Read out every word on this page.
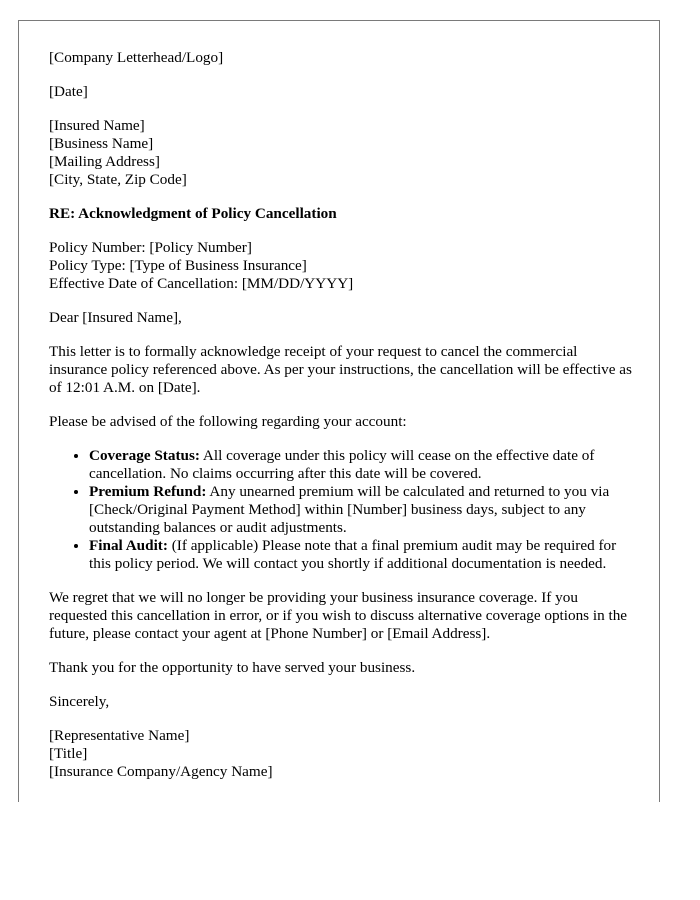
[Company Letterhead/Logo]

[Date]

[Insured Name]
[Business Name]
[Mailing Address]
[City, State, Zip Code]

RE: Acknowledgment of Policy Cancellation

Policy Number: [Policy Number]
Policy Type: [Type of Business Insurance]
Effective Date of Cancellation: [MM/DD/YYYY]

Dear [Insured Name],

This letter is to formally acknowledge receipt of your request to cancel the commercial insurance policy referenced above. As per your instructions, the cancellation will be effective as of 12:01 A.M. on [Date].

Please be advised of the following regarding your account:

• Coverage Status: All coverage under this policy will cease on the effective date of cancellation. No claims occurring after this date will be covered.
• Premium Refund: Any unearned premium will be calculated and returned to you via [Check/Original Payment Method] within [Number] business days, subject to any outstanding balances or audit adjustments.
• Final Audit: (If applicable) Please note that a final premium audit may be required for this policy period. We will contact you shortly if additional documentation is needed.

We regret that we will no longer be providing your business insurance coverage. If you requested this cancellation in error, or if you wish to discuss alternative coverage options in the future, please contact your agent at [Phone Number] or [Email Address].

Thank you for the opportunity to have served your business.

Sincerely,

[Representative Name]
[Title]
[Insurance Company/Agency Name]
